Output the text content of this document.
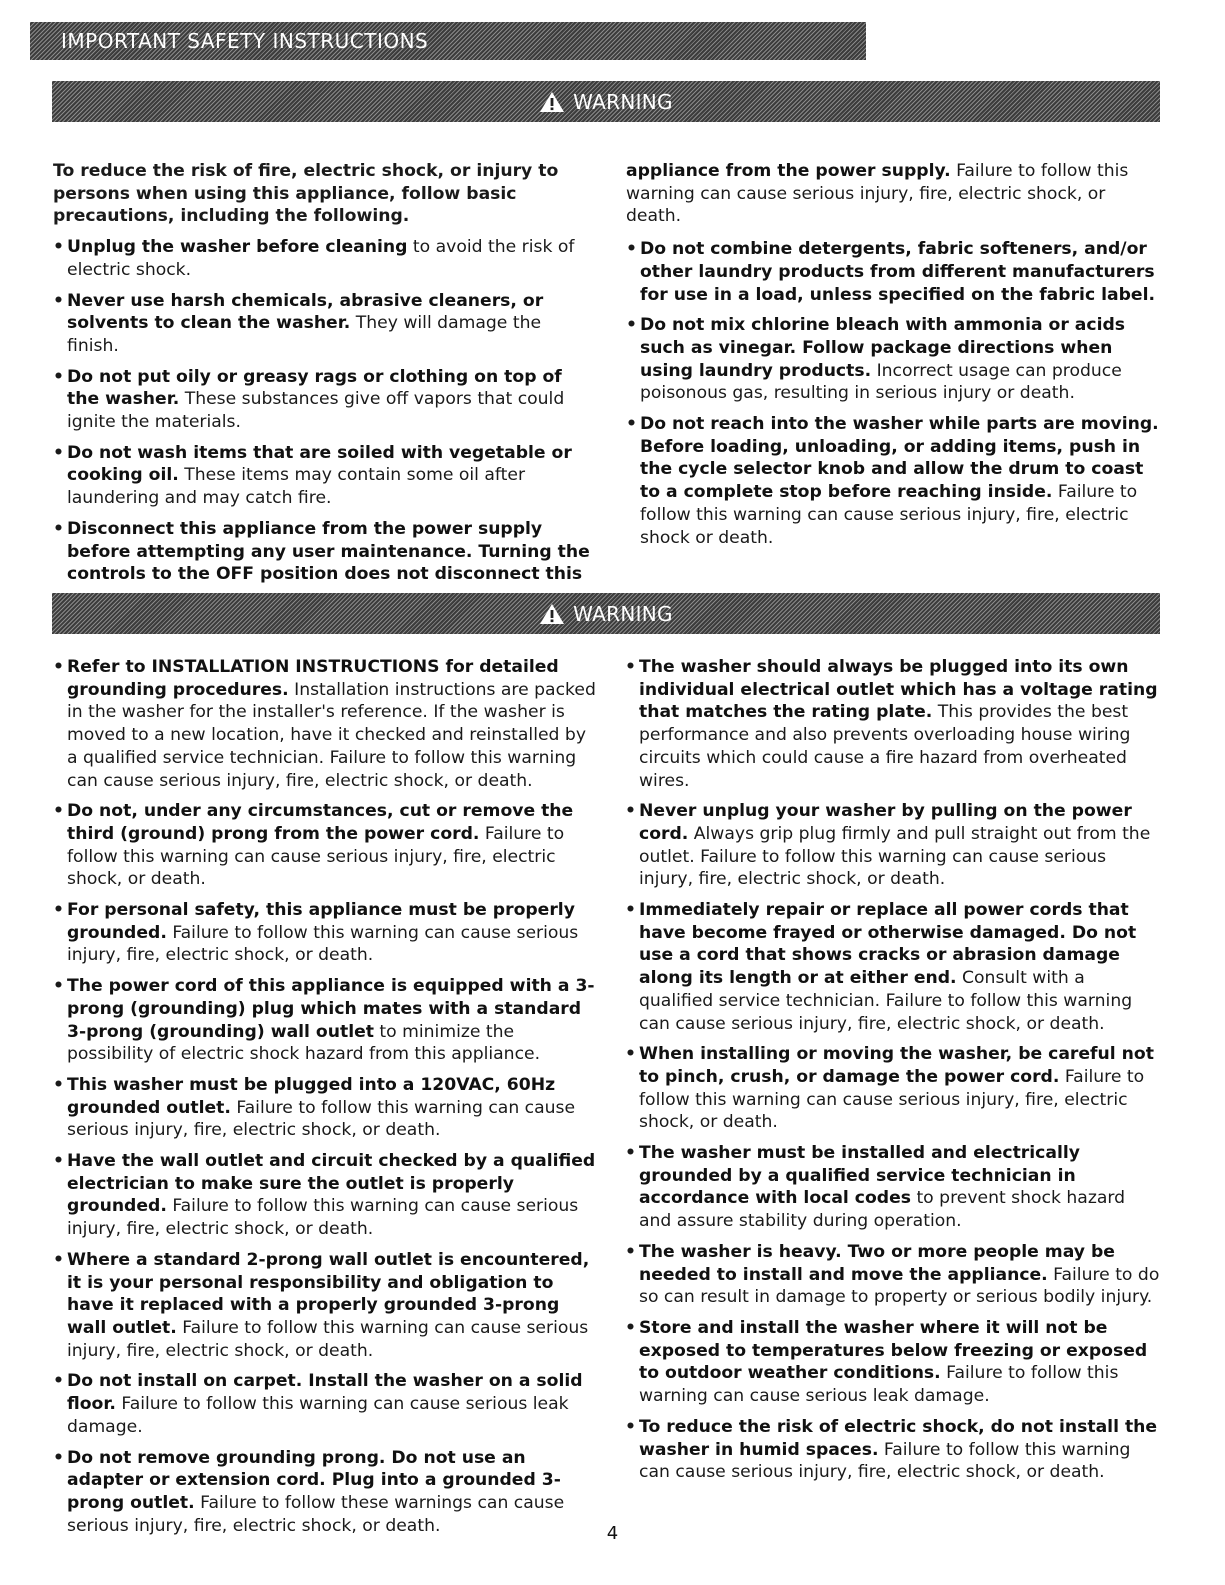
IMPORTANT SAFETY INSTRUCTIONS
WARNING

To reduce the risk of fire, electric shock, or injury to persons when using this appliance, follow basic precautions, including the following.

• Unplug the washer before cleaning to avoid the risk of electric shock.
• Never use harsh chemicals, abrasive cleaners, or solvents to clean the washer. They will damage the finish.
• Do not put oily or greasy rags or clothing on top of the washer. These substances give off vapors that could ignite the materials.
• Do not wash items that are soiled with vegetable or cooking oil. These items may contain some oil after laundering and may catch fire.
• Disconnect this appliance from the power supply before attempting any user maintenance. Turning the controls to the OFF position does not disconnect this

appliance from the power supply. Failure to follow this warning can cause serious injury, fire, electric shock, or death.

• Do not combine detergents, fabric softeners, and/or other laundry products from different manufacturers for use in a load, unless specified on the fabric label.
• Do not mix chlorine bleach with ammonia or acids such as vinegar. Follow package directions when using laundry products. Incorrect usage can produce poisonous gas, resulting in serious injury or death.
• Do not reach into the washer while parts are moving. Before loading, unloading, or adding items, push in the cycle selector knob and allow the drum to coast to a complete stop before reaching inside. Failure to follow this warning can cause serious injury, fire, electric shock or death.
WARNING
• Refer to INSTALLATION INSTRUCTIONS for detailed grounding procedures. Installation instructions are packed in the washer for the installer's reference. If the washer is moved to a new location, have it checked and reinstalled by a qualified service technician. Failure to follow this warning can cause serious injury, fire, electric shock, or death.
• Do not, under any circumstances, cut or remove the third (ground) prong from the power cord. Failure to follow this warning can cause serious injury, fire, electric shock, or death.
• For personal safety, this appliance must be properly grounded. Failure to follow this warning can cause serious injury, fire, electric shock, or death.
• The power cord of this appliance is equipped with a 3-prong (grounding) plug which mates with a standard 3-prong (grounding) wall outlet to minimize the possibility of electric shock hazard from this appliance.
• This washer must be plugged into a 120VAC, 60Hz grounded outlet. Failure to follow this warning can cause serious injury, fire, electric shock, or death.
• Have the wall outlet and circuit checked by a qualified electrician to make sure the outlet is properly grounded. Failure to follow this warning can cause serious injury, fire, electric shock, or death.
• Where a standard 2-prong wall outlet is encountered, it is your personal responsibility and obligation to have it replaced with a properly grounded 3-prong wall outlet. Failure to follow this warning can cause serious injury, fire, electric shock, or death.
• Do not install on carpet. Install the washer on a solid floor. Failure to follow this warning can cause serious leak damage.
• Do not remove grounding prong. Do not use an adapter or extension cord. Plug into a grounded 3-prong outlet. Failure to follow these warnings can cause serious injury, fire, electric shock, or death.
• The washer should always be plugged into its own individual electrical outlet which has a voltage rating that matches the rating plate. This provides the best performance and also prevents overloading house wiring circuits which could cause a fire hazard from overheated wires.
• Never unplug your washer by pulling on the power cord. Always grip plug firmly and pull straight out from the outlet. Failure to follow this warning can cause serious injury, fire, electric shock, or death.
• Immediately repair or replace all power cords that have become frayed or otherwise damaged. Do not use a cord that shows cracks or abrasion damage along its length or at either end. Consult with a qualified service technician. Failure to follow this warning can cause serious injury, fire, electric shock, or death.
• When installing or moving the washer, be careful not to pinch, crush, or damage the power cord. Failure to follow this warning can cause serious injury, fire, electric shock, or death.
• The washer must be installed and electrically grounded by a qualified service technician in accordance with local codes to prevent shock hazard and assure stability during operation.
• The washer is heavy. Two or more people may be needed to install and move the appliance. Failure to do so can result in damage to property or serious bodily injury.
• Store and install the washer where it will not be exposed to temperatures below freezing or exposed to outdoor weather conditions. Failure to follow this warning can cause serious leak damage.
• To reduce the risk of electric shock, do not install the washer in humid spaces. Failure to follow this warning can cause serious injury, fire, electric shock, or death.
4
